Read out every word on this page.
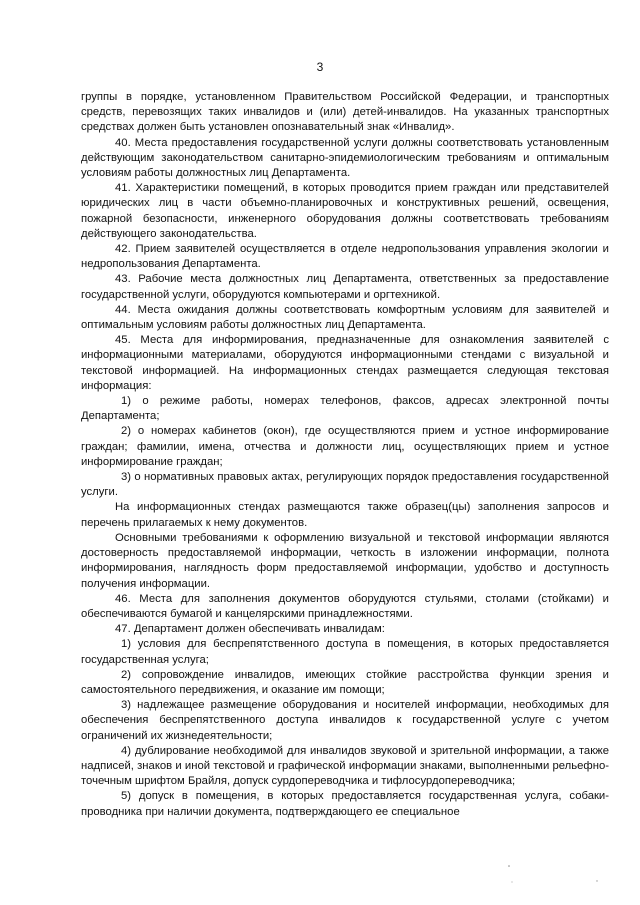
3

группы в порядке, установленном Правительством Российской Федерации, и транспортных средств, перевозящих таких инвалидов и (или) детей-инвалидов. На указанных транспортных средствах должен быть установлен опознавательный знак «Инвалид».

40. Места предоставления государственной услуги должны соответствовать установленным действующим законодательством санитарно-эпидемиологическим требованиям и оптимальным условиям работы должностных лиц Департамента.

41. Характеристики помещений, в которых проводится прием граждан или представителей юридических лиц в части объемно-планировочных и конструктивных решений, освещения, пожарной безопасности, инженерного оборудования должны соответствовать требованиям действующего законодательства.

42. Прием заявителей осуществляется в отделе недропользования управления экологии и недропользования Департамента.

43. Рабочие места должностных лиц Департамента, ответственных за предоставление государственной услуги, оборудуются компьютерами и оргтехникой.

44. Места ожидания должны соответствовать комфортным условиям для заявителей и оптимальным условиям работы должностных лиц Департамента.

45. Места для информирования, предназначенные для ознакомления заявителей с информационными материалами, оборудуются информационными стендами с визуальной и текстовой информацией. На информационных стендах размещается следующая текстовая информация:

1) о режиме работы, номерах телефонов, факсов, адресах электронной почты Департамента;

2) о номерах кабинетов (окон), где осуществляются прием и устное информирование граждан; фамилии, имена, отчества и должности лиц, осуществляющих прием и устное информирование граждан;

3) о нормативных правовых актах, регулирующих порядок предоставления государственной услуги.

На информационных стендах размещаются также образец(цы) заполнения запросов и перечень прилагаемых к нему документов.

Основными требованиями к оформлению визуальной и текстовой информации являются достоверность предоставляемой информации, четкость в изложении информации, полнота информирования, наглядность форм предоставляемой информации, удобство и доступность получения информации.

46. Места для заполнения документов оборудуются стульями, столами (стойками) и обеспечиваются бумагой и канцелярскими принадлежностями.

47. Департамент должен обеспечивать инвалидам:

1) условия для беспрепятственного доступа в помещения, в которых предоставляется государственная услуга;

2) сопровождение инвалидов, имеющих стойкие расстройства функции зрения и самостоятельного передвижения, и оказание им помощи;

3) надлежащее размещение оборудования и носителей информации, необходимых для обеспечения беспрепятственного доступа инвалидов к государственной услуге с учетом ограничений их жизнедеятельности;

4) дублирование необходимой для инвалидов звуковой и зрительной информации, а также надписей, знаков и иной текстовой и графической информации знаками, выполненными рельефно-точечным шрифтом Брайля, допуск сурдопереводчика и тифлосурдопереводчика;

5) допуск в помещения, в которых предоставляется государственная услуга, собаки-проводника при наличии документа, подтверждающего ее специальное
